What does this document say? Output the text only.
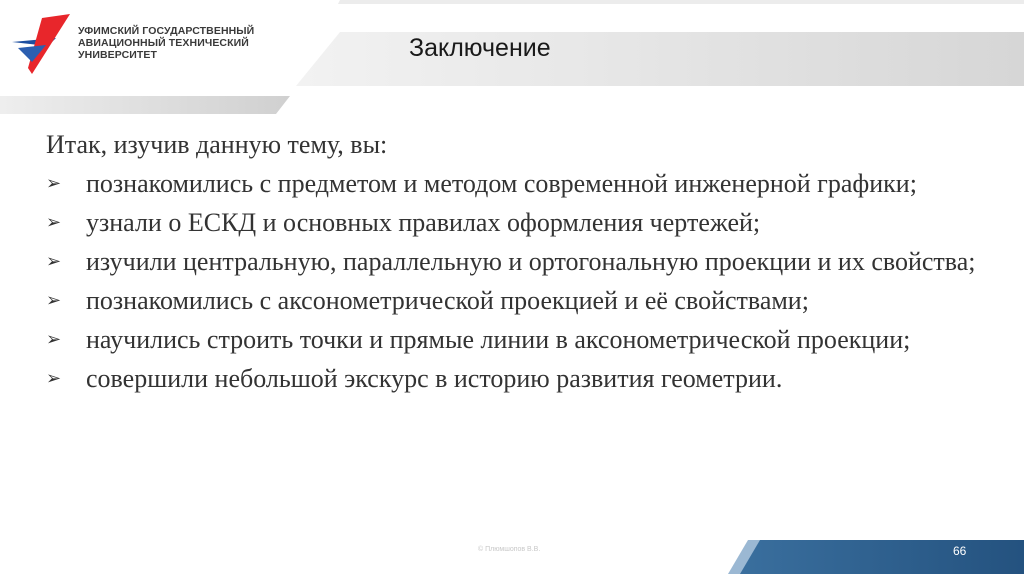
УФИМСКИЙ ГОСУДАРСТВЕННЫЙ
АВИАЦИОННЫЙ ТЕХНИЧЕСКИЙ
УНИВЕРСИТЕТ	Заключение

Итак, изучив данную тему, вы:

➢ познакомились с предметом и методом современной инженерной графики;
➢ узнали о ЕСКД и основных правилах оформления чертежей;
➢ изучили центральную, параллельную и ортогональную проекции и их свойства;
➢ познакомились с аксонометрической проекцией и её свойствами;
➢ научились строить точки и прямые линии в аксонометрической проекции;
➢ совершили небольшой экскурс в историю развития геометрии.
© Плюмшопов В.В.	66
